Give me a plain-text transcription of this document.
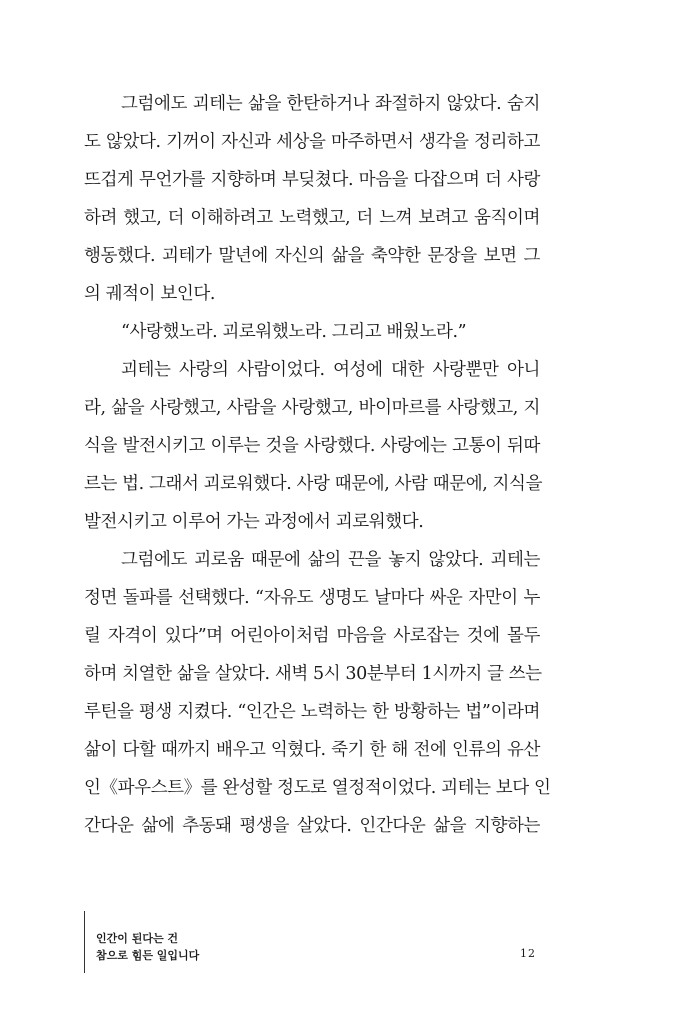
그럼에도 괴테는 삶을 한탄하거나 좌절하지 않았다. 숨지
도 않았다. 기꺼이 자신과 세상을 마주하면서 생각을 정리하고
뜨겁게 무언가를 지향하며 부딪쳤다. 마음을 다잡으며 더 사랑
하려 했고, 더 이해하려고 노력했고, 더 느껴 보려고 움직이며
행동했다. 괴테가 말년에 자신의 삶을 축약한 문장을 보면 그
의 궤적이 보인다.
“사랑했노라. 괴로워했노라. 그리고 배웠노라.”
괴테는 사랑의 사람이었다. 여성에 대한 사랑뿐만 아니
라, 삶을 사랑했고, 사람을 사랑했고, 바이마르를 사랑했고, 지
식을 발전시키고 이루는 것을 사랑했다. 사랑에는 고통이 뒤따
르는 법. 그래서 괴로워했다. 사랑 때문에, 사람 때문에, 지식을
발전시키고 이루어 가는 과정에서 괴로워했다.
그럼에도 괴로움 때문에 삶의 끈을 놓지 않았다. 괴테는
정면 돌파를 선택했다. “자유도 생명도 날마다 싸운 자만이 누
릴 자격이 있다”며 어린아이처럼 마음을 사로잡는 것에 몰두
하며 치열한 삶을 살았다. 새벽 5시 30분부터 1시까지 글 쓰는
루틴을 평생 지켰다. “인간은 노력하는 한 방황하는 법”이라며
삶이 다할 때까지 배우고 익혔다. 죽기 한 해 전에 인류의 유산
인《파우스트》를 완성할 정도로 열정적이었다. 괴테는 보다 인
간다운 삶에 추동돼 평생을 살았다. 인간다운 삶을 지향하는
인간이 된다는 건
참으로 힘든 일입니다	12
